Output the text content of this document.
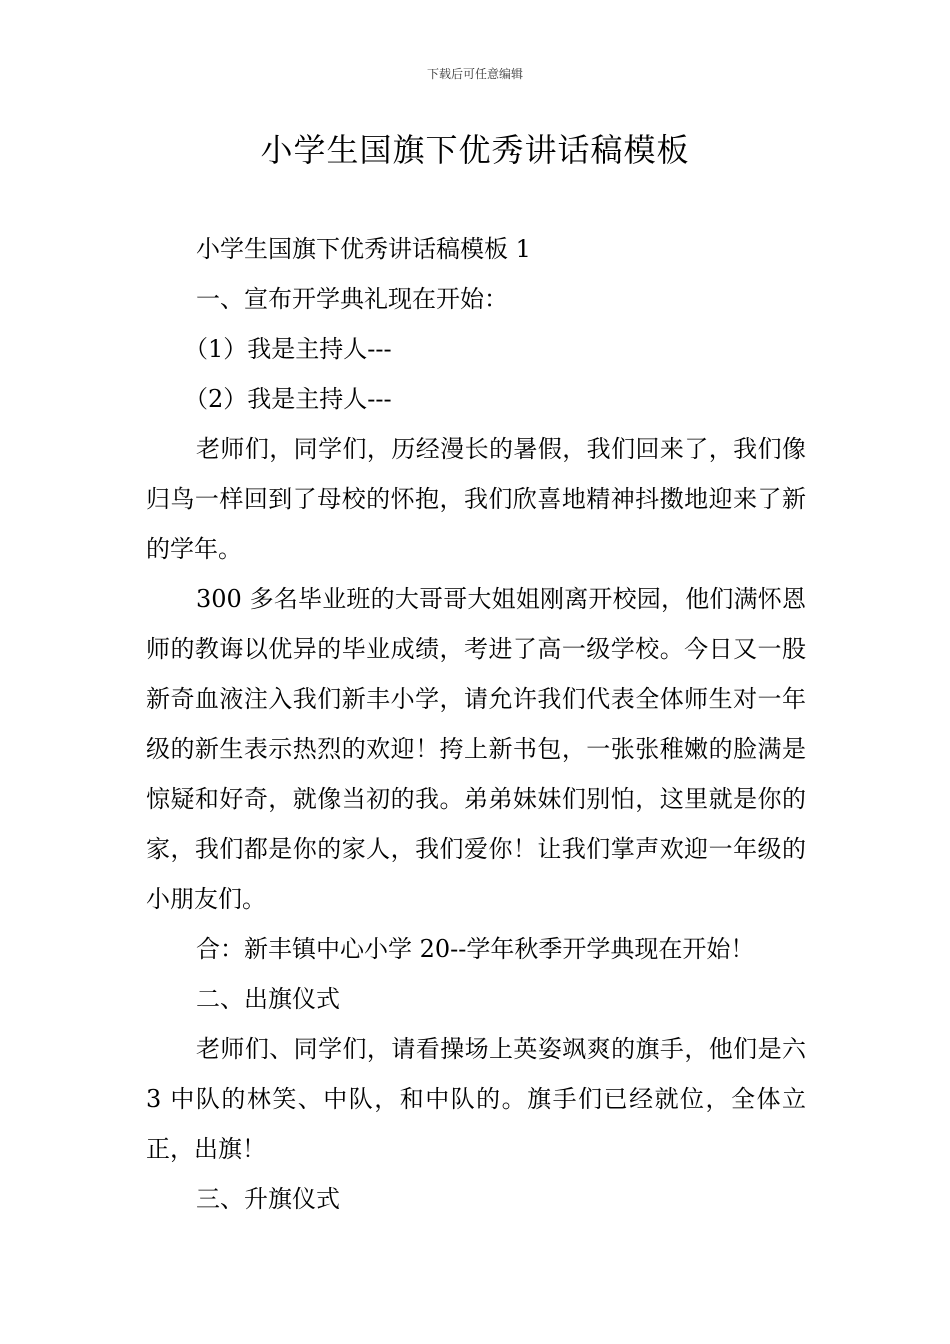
下载后可任意编辑
小学生国旗下优秀讲话稿模板

小学生国旗下优秀讲话稿模板 1

一、宣布开学典礼现在开始：

（1）我是主持人---

（2）我是主持人---

老师们，同学们，历经漫长的暑假，我们回来了，我们像归鸟一样回到了母校的怀抱，我们欣喜地精神抖擞地迎来了新的学年。

300 多名毕业班的大哥哥大姐姐刚离开校园，他们满怀恩师的教诲以优异的毕业成绩，考进了高一级学校。今日又一股新奇血液注入我们新丰小学，请允许我们代表全体师生对一年级的新生表示热烈的欢迎！挎上新书包，一张张稚嫩的脸满是惊疑和好奇，就像当初的我。弟弟妹妹们别怕，这里就是你的家，我们都是你的家人，我们爱你！让我们掌声欢迎一年级的小朋友们。

合：新丰镇中心小学 20--学年秋季开学典现在开始！

二、出旗仪式

老师们、同学们，请看操场上英姿飒爽的旗手，他们是六 3 中队的林笑、中队，和中队的。旗手们已经就位，全体立正，出旗！

三、升旗仪式
